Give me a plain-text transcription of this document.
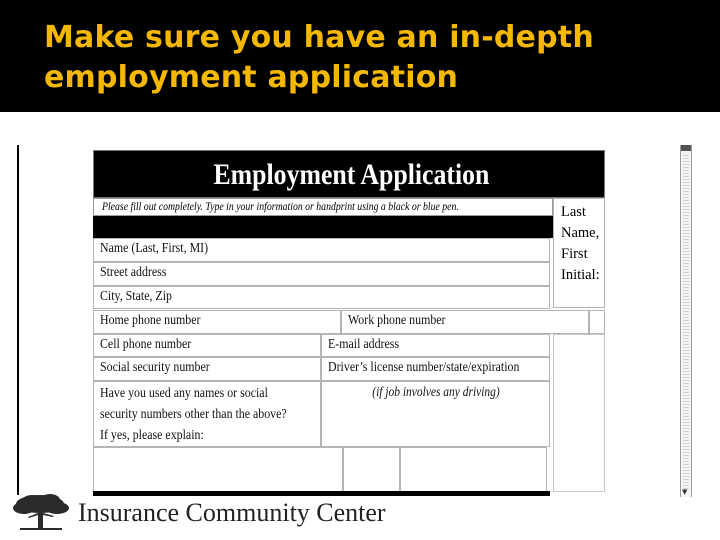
Make sure you have an in-depth
employment application
Employment Application
Please fill out completely. Type in your information or handprint using a black or blue pen.
Name (Last, First, MI)
Street address
City, State, Zip
Last
Name,
First
Initial:
Home phone number	Work phone number
Cell phone number	E-mail address
Social security number	Driver’s license number/state/expiration
Have you used any names or social
security numbers other than the above?
If yes, please explain:
(if job involves any driving)
▼
Insurance Community Center
